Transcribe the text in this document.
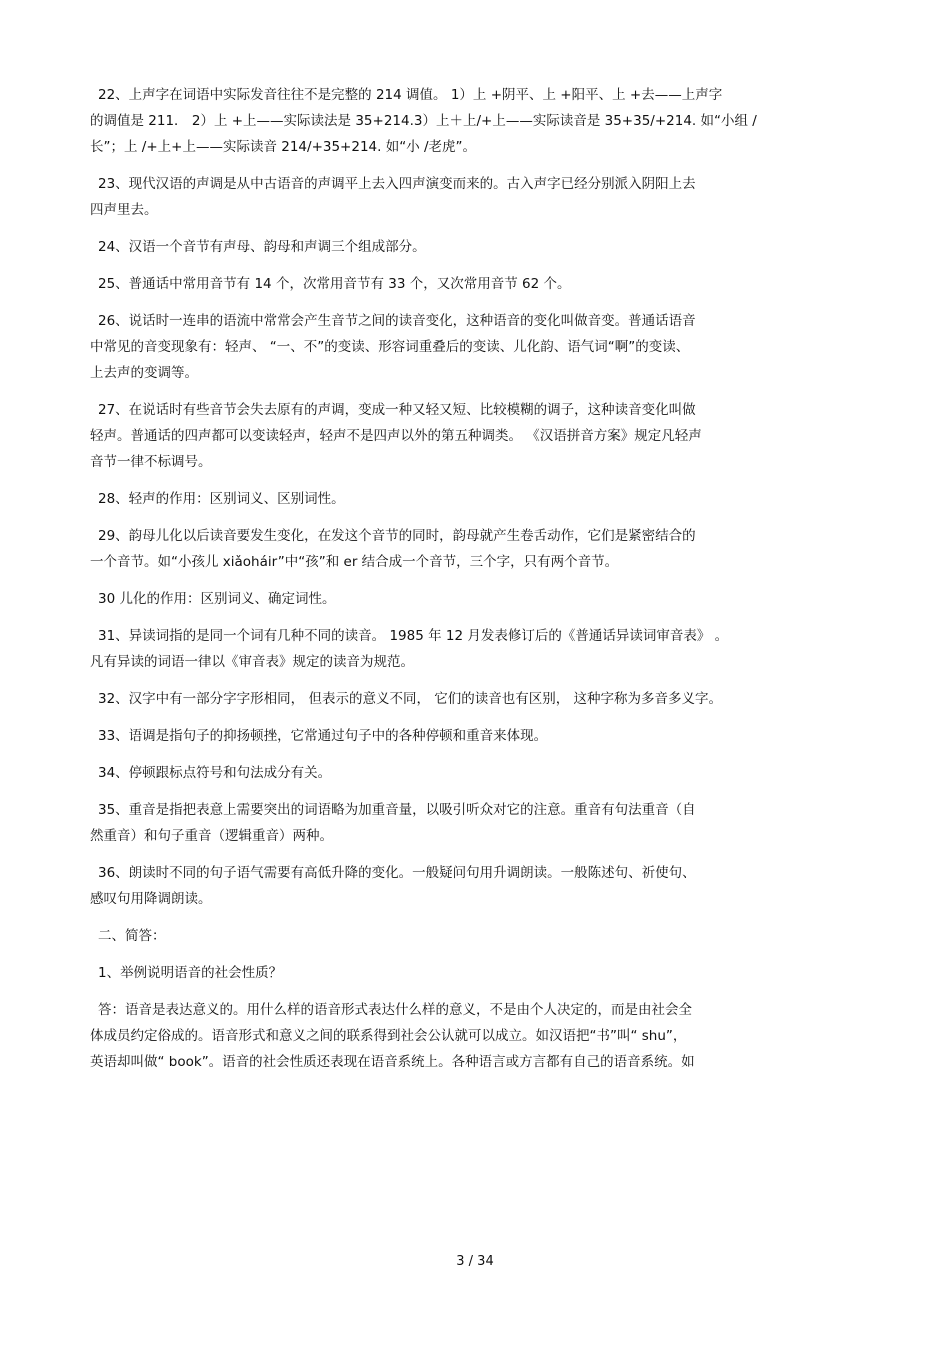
22、上声字在词语中实际发音往往不是完整的 214 调值。 1）上 +阴平、上 +阳平、上 +去——上声字

的调值是 211． 2）上 +上——实际读法是 35+214.3）上＋上/+上——实际读音是 35+35/+214. 如“小组 /

长”；上 /+上+上——实际读音 214/+35+214. 如“小 /老虎”。

23、现代汉语的声调是从中古语音的声调平上去入四声演变而来的。古入声字已经分别派入阴阳上去

四声里去。

24、汉语一个音节有声母、韵母和声调三个组成部分。

25、普通话中常用音节有 14 个，次常用音节有 33 个，又次常用音节 62 个。

26、说话时一连串的语流中常常会产生音节之间的读音变化，这种语音的变化叫做音变。普通话语音

中常见的音变现象有：轻声、 “一、不”的变读、形容词重叠后的变读、儿化韵、语气词“啊”的变读、

上去声的变调等。

27、在说话时有些音节会失去原有的声调，变成一种又轻又短、比较模糊的调子，这种读音变化叫做

轻声。普通话的四声都可以变读轻声，轻声不是四声以外的第五种调类。 《汉语拼音方案》规定凡轻声

音节一律不标调号。

28、轻声的作用：区别词义、区别词性。

29、韵母儿化以后读音要发生变化，在发这个音节的同时，韵母就产生卷舌动作，它们是紧密结合的

一个音节。如“小孩儿 xiǎoháir”中“孩”和 er 结合成一个音节，三个字，只有两个音节。

30 儿化的作用：区别词义、确定词性。

31、异读词指的是同一个词有几种不同的读音。 1985 年 12 月发表修订后的《普通话异读词审音表》 。

凡有异读的词语一律以《审音表》规定的读音为规范。

32、汉字中有一部分字字形相同， 但表示的意义不同， 它们的读音也有区别， 这种字称为多音多义字。

33、语调是指句子的抑扬顿挫，它常通过句子中的各种停顿和重音来体现。

34、停顿跟标点符号和句法成分有关。

35、重音是指把表意上需要突出的词语略为加重音量，以吸引听众对它的注意。重音有句法重音（自

然重音）和句子重音（逻辑重音）两种。

36、朗读时不同的句子语气需要有高低升降的变化。一般疑问句用升调朗读。一般陈述句、祈使句、

感叹句用降调朗读。

二、简答：

1、举例说明语音的社会性质？

答：语音是表达意义的。用什么样的语音形式表达什么样的意义，不是由个人决定的，而是由社会全

体成员约定俗成的。语音形式和意义之间的联系得到社会公认就可以成立。如汉语把“书”叫“ shu”，

英语却叫做“ book”。语音的社会性质还表现在语音系统上。各种语言或方言都有自己的语音系统。如

3 / 34
